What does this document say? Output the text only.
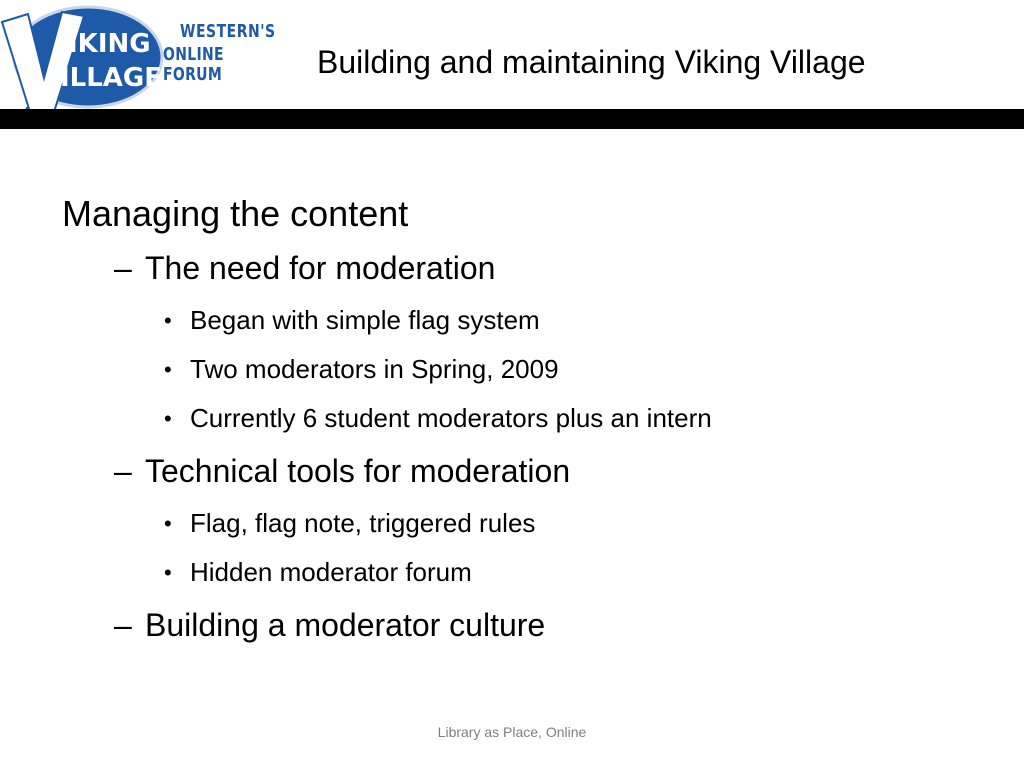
IKING
ILLAGE
WESTERN'S
ONLINE FORUM	Building and maintaining Viking Village
Managing the content
– The need for moderation
• Began with simple flag system
• Two moderators in Spring, 2009
• Currently 6 student moderators plus an intern
– Technical tools for moderation
• Flag, flag note, triggered rules
• Hidden moderator forum
– Building a moderator culture
Library as Place, Online
